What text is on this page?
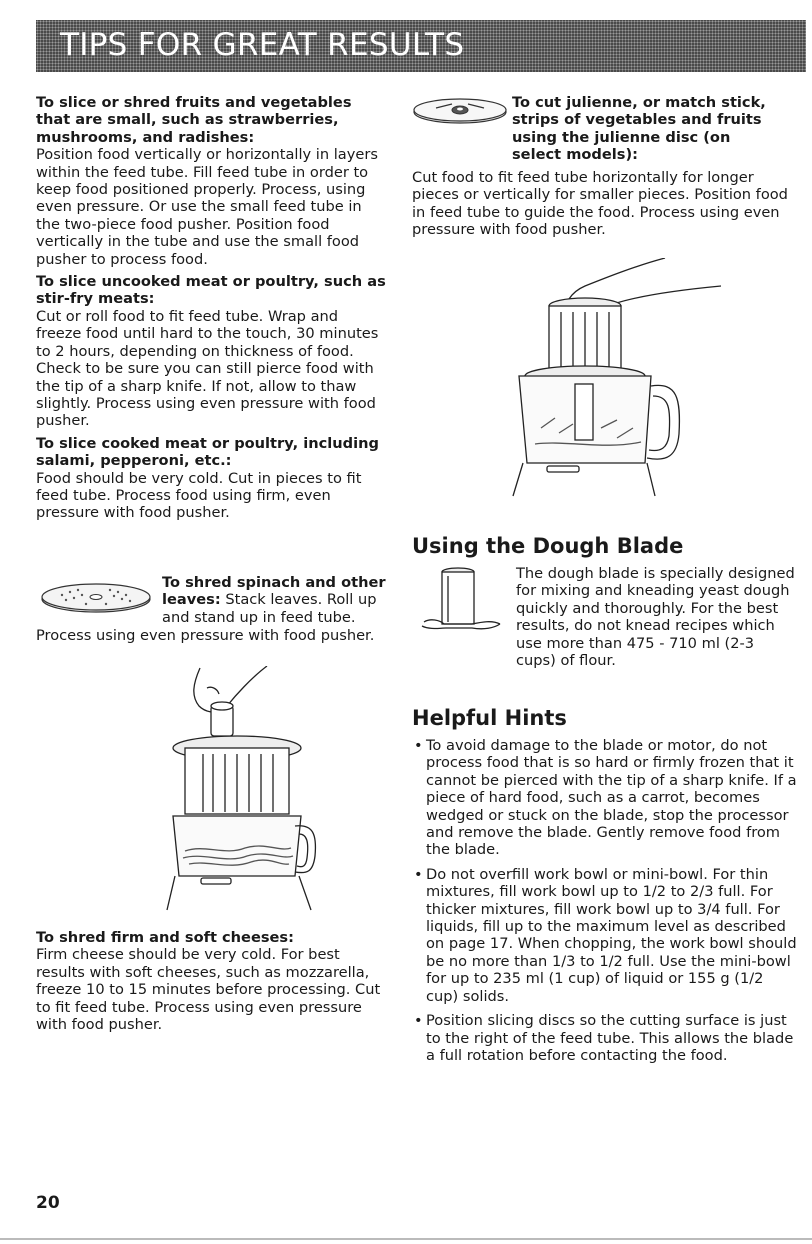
TIPS FOR GREAT RESULTS
To slice or shred fruits and vegetables that are small, such as strawberries, mushrooms, and radishes:
Position food vertically or horizontally in layers within the feed tube. Fill feed tube in order to keep food positioned properly. Process, using even pressure. Or use the small feed tube in the two-piece food pusher. Position food vertically in the tube and use the small food pusher to process food.
To slice uncooked meat or poultry, such as stir-fry meats:
Cut or roll food to fit feed tube. Wrap and freeze food until hard to the touch, 30 minutes to 2 hours, depending on thickness of food. Check to be sure you can still pierce food with the tip of a sharp knife. If not, allow to thaw slightly. Process using even pressure with food pusher.
To slice cooked meat or poultry, including salami, pepperoni, etc.:
Food should be very cold. Cut in pieces to fit feed tube. Process food using firm, even pressure with food pusher.
To shred spinach and other leaves: Stack leaves. Roll up and stand up in feed tube.
Process using even pressure with food pusher.
To shred firm and soft cheeses:
Firm cheese should be very cold. For best results with soft cheeses, such as mozzarella, freeze 10 to 15 minutes before processing. Cut to fit feed tube. Process using even pressure with food pusher.
To cut julienne, or match stick, strips of vegetables and fruits using the julienne disc (on select models):
Cut food to fit feed tube horizontally for longer pieces or vertically for smaller pieces. Position food in feed tube to guide the food. Process using even pressure with food pusher.
Using the Dough Blade
The dough blade is specially designed for mixing and kneading yeast dough quickly and thoroughly. For the best results, do not knead recipes which use more than 475 - 710 ml (2-3 cups) of flour.
Helpful Hints
• To avoid damage to the blade or motor, do not process food that is so hard or firmly frozen that it cannot be pierced with the tip of a sharp knife. If a piece of hard food, such as a carrot, becomes wedged or stuck on the blade, stop the processor and remove the blade. Gently remove food from the blade.
• Do not overfill work bowl or mini-bowl. For thin mixtures, fill work bowl up to 1/2 to 2/3 full. For thicker mixtures, fill work bowl up to 3/4 full. For liquids, fill up to the maximum level as described on page 17. When chopping, the work bowl should be no more than 1/3 to 1/2 full. Use the mini-bowl for up to 235 ml (1 cup) of liquid or 155 g (1/2 cup) solids.
• Position slicing discs so the cutting surface is just to the right of the feed tube. This allows the blade a full rotation before contacting the food.
20
